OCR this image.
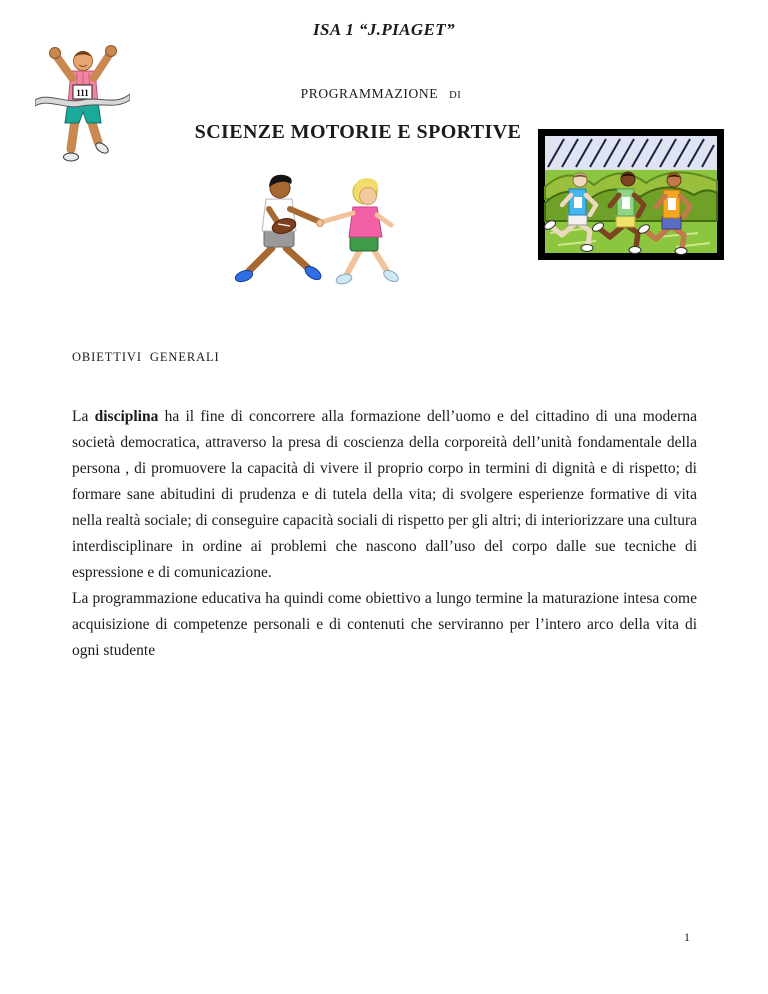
ISA 1 “J.PIAGET”
111	PROGRAMMAZIONE DI
SCIENZE MOTORIE E SPORTIVE
OBIETTIVI  GENERALI

La disciplina ha il fine di concorrere alla formazione dell’uomo e del cittadino di una moderna società democratica, attraverso la presa di coscienza della corporeità dell’unità fondamentale della persona , di promuovere la capacità di vivere il proprio corpo in termini di dignità e di rispetto; di formare sane abitudini di prudenza e di tutela della vita; di svolgere esperienze formative di vita nella realtà sociale; di conseguire capacità sociali di rispetto per gli altri; di interiorizzare una cultura interdisciplinare in ordine ai problemi che nascono dall’uso del corpo dalle sue tecniche di espressione e di comunicazione.

La programmazione educativa ha quindi come obiettivo a lungo termine la maturazione intesa come acquisizione di competenze personali e di contenuti che serviranno per l’intero arco della vita di ogni studente

1
